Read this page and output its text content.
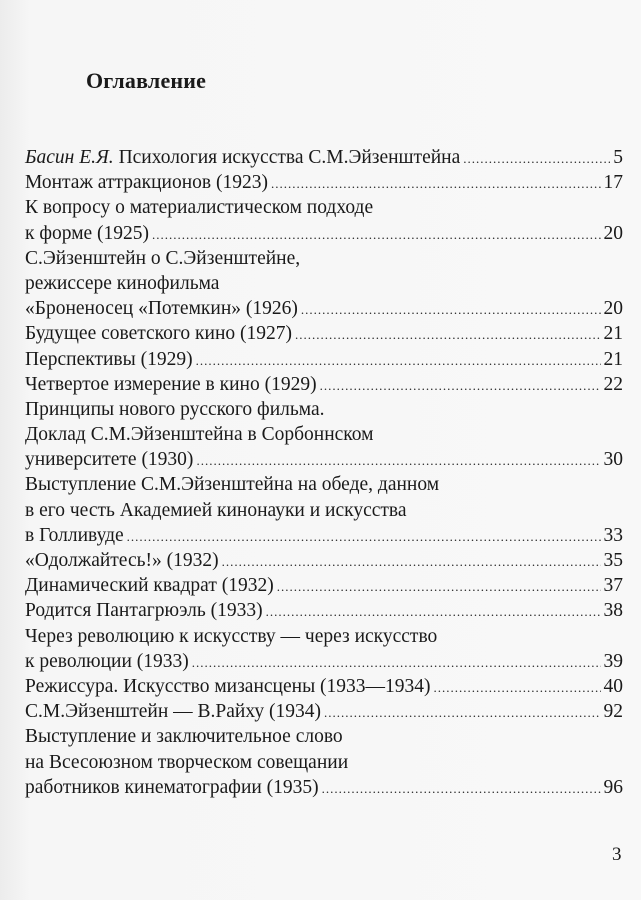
Оглавление
Басин Е.Я. Психология искусства С.М.Эйзенштейна .....	5
Монтаж аттракционов (1923) .....	17
К вопросу о материалистическом подходе
к форме (1925) .....	20
С.Эйзенштейн о С.Эйзенштейне,
режиссере кинофильма
«Броненосец «Потемкин» (1926) .....	20
Будущее советского кино (1927) .....	21
Перспективы (1929) .....	21
Четвертое измерение в кино (1929) .....	22
Принципы нового русского фильма.
Доклад С.М.Эйзенштейна в Сорбоннском
университете (1930) .....	30
Выступление С.М.Эйзенштейна на обеде, данном
в его честь Академией кинонауки и искусства
в Голливуде .....	33
«Одолжайтесь!» (1932) .....	35
Динамический квадрат (1932) .....	37
Родится Пантагрюэль (1933) .....	38
Через революцию к искусству — через искусство
к революции (1933) .....	39
Режиссура. Искусство мизансцены (1933—1934) .....	40
С.М.Эйзенштейн — В.Райху (1934) .....	92
Выступление и заключительное слово
на Всесоюзном творческом совещании
работников кинематографии (1935) .....	96
3
